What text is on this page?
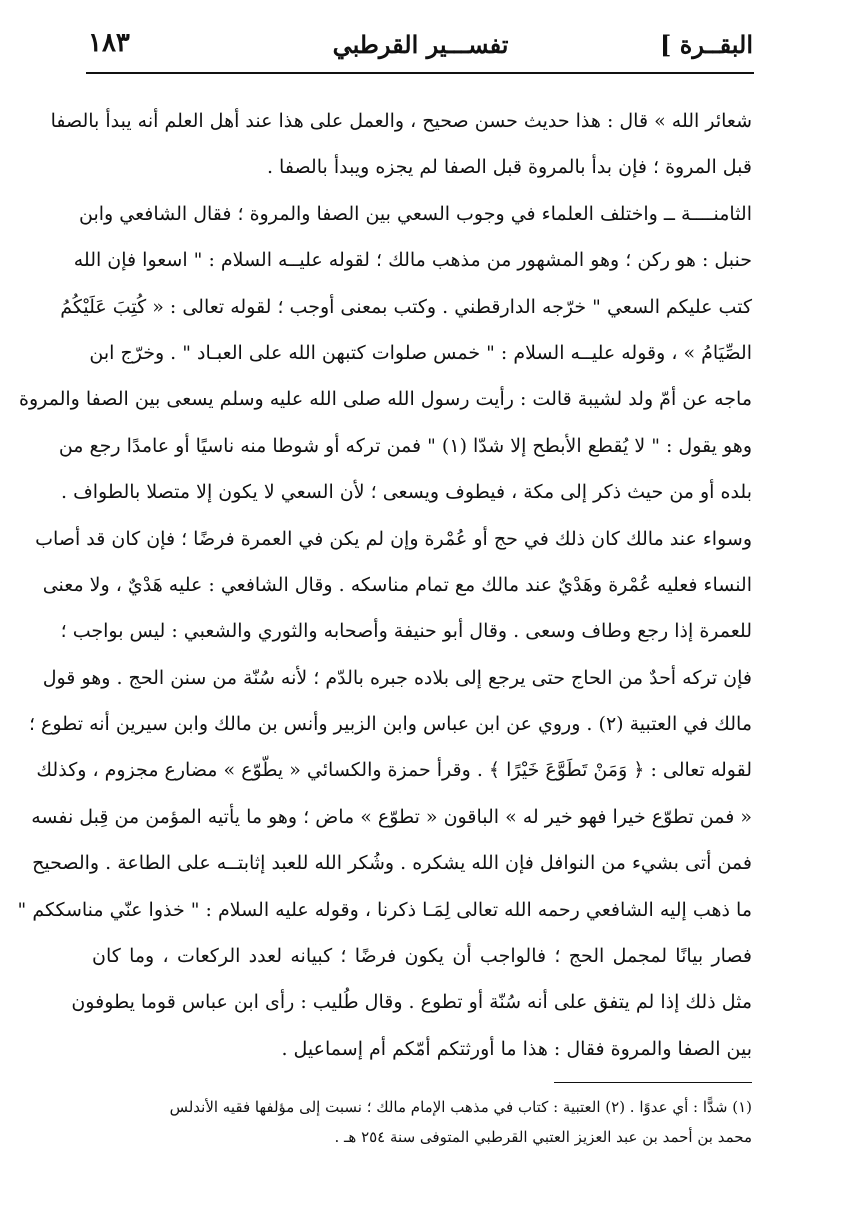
البقــرة ]
تفســـير القرطبي
١٨٣
شعائر الله » قال : هذا حديث حسن صحيح ، والعمل على هذا عند أهل العلم أنه يبدأ بالصفا
قبل المروة ؛ فإن بدأ بالمروة قبل الصفا لم يجزه ويبدأ بالصفا .
الثامنــــة ــ واختلف العلماء في وجوب السعي بين الصفا والمروة ؛ فقال الشافعي وابن
حنبل : هو ركن ؛ وهو المشهور من مذهب مالك ؛ لقوله عليــه السلام : " اسعوا فإن الله
كتب عليكم السعي " خرّجه الدارقطني . وكتب بمعنى أوجب ؛ لقوله تعالى : « كُتِبَ عَلَيْكُمُ
الصِّيَامُ » ، وقوله عليــه السلام : " خمس صلوات كتبهن الله على العبـاد " . وخرّج ابن
ماجه عن أمّ ولد لشيبة قالت : رأيت رسول الله صلى الله عليه وسلم يسعى بين الصفا والمروة
وهو يقول : " لا يُقطع الأبطح إلا شدّا (١) " فمن تركه أو شوطا منه ناسيًا أو عامدًا رجع من
بلده أو من حيث ذكر إلى مكة ، فيطوف ويسعى ؛ لأن السعي لا يكون إلا متصلا بالطواف .
وسواء عند مالك كان ذلك في حج أو عُمْرة وإن لم يكن في العمرة فرضًا ؛ فإن كان قد أصاب
النساء فعليه عُمْرة وهَدْيٌ عند مالك مع تمام مناسكه . وقال الشافعي : عليه هَدْيٌ ، ولا معنى
للعمرة إذا رجع وطاف وسعى . وقال أبو حنيفة وأصحابه والثوري والشعبي : ليس بواجب ؛
فإن تركه أحدٌ من الحاج حتى يرجع إلى بلاده جبره بالدّم ؛ لأنه سُنّة من سنن الحج . وهو قول
مالك في العتبية (٢) . وروي عن ابن عباس وابن الزبير وأنس بن مالك وابن سيرين أنه تطوع ؛
لقوله تعالى : ﴿ وَمَنْ تَطَوَّعَ خَيْرًا ﴾ . وقرأ حمزة والكسائي « يطّوّع » مضارع مجزوم ، وكذلك
« فمن تطوّع خيرا فهو خير له » الباقون « تطوّع » ماض ؛ وهو ما يأتيه المؤمن من قِبل نفسه
فمن أتى بشيء من النوافل فإن الله يشكره . وشُكر الله للعبد إثابتــه على الطاعة . والصحيح
ما ذهب إليه الشافعي رحمه الله تعالى لِمَـا ذكرنا ، وقوله عليه السلام : " خذوا عنّي مناسككم "
فصار بيانًا لمجمل الحج ؛ فالواجب أن يكون فرضًا ؛ كبيانه لعدد الركعات ، وما كان
مثل ذلك إذا لم يتفق على أنه سُنّة أو تطوع . وقال طُليب : رأى ابن عباس قوما يطوفون
بين الصفا والمروة فقال : هذا ما أورثتكم أمّكم أم إسماعيل .
(١) شدًّا : أي عدوًا . (٢) العتبية : كتاب في مذهب الإمام مالك ؛ نسبت إلى مؤلفها فقيه الأندلس
محمد بن أحمد بن عبد العزيز العتبي القرطبي المتوفى سنة ٢٥٤ هـ .
